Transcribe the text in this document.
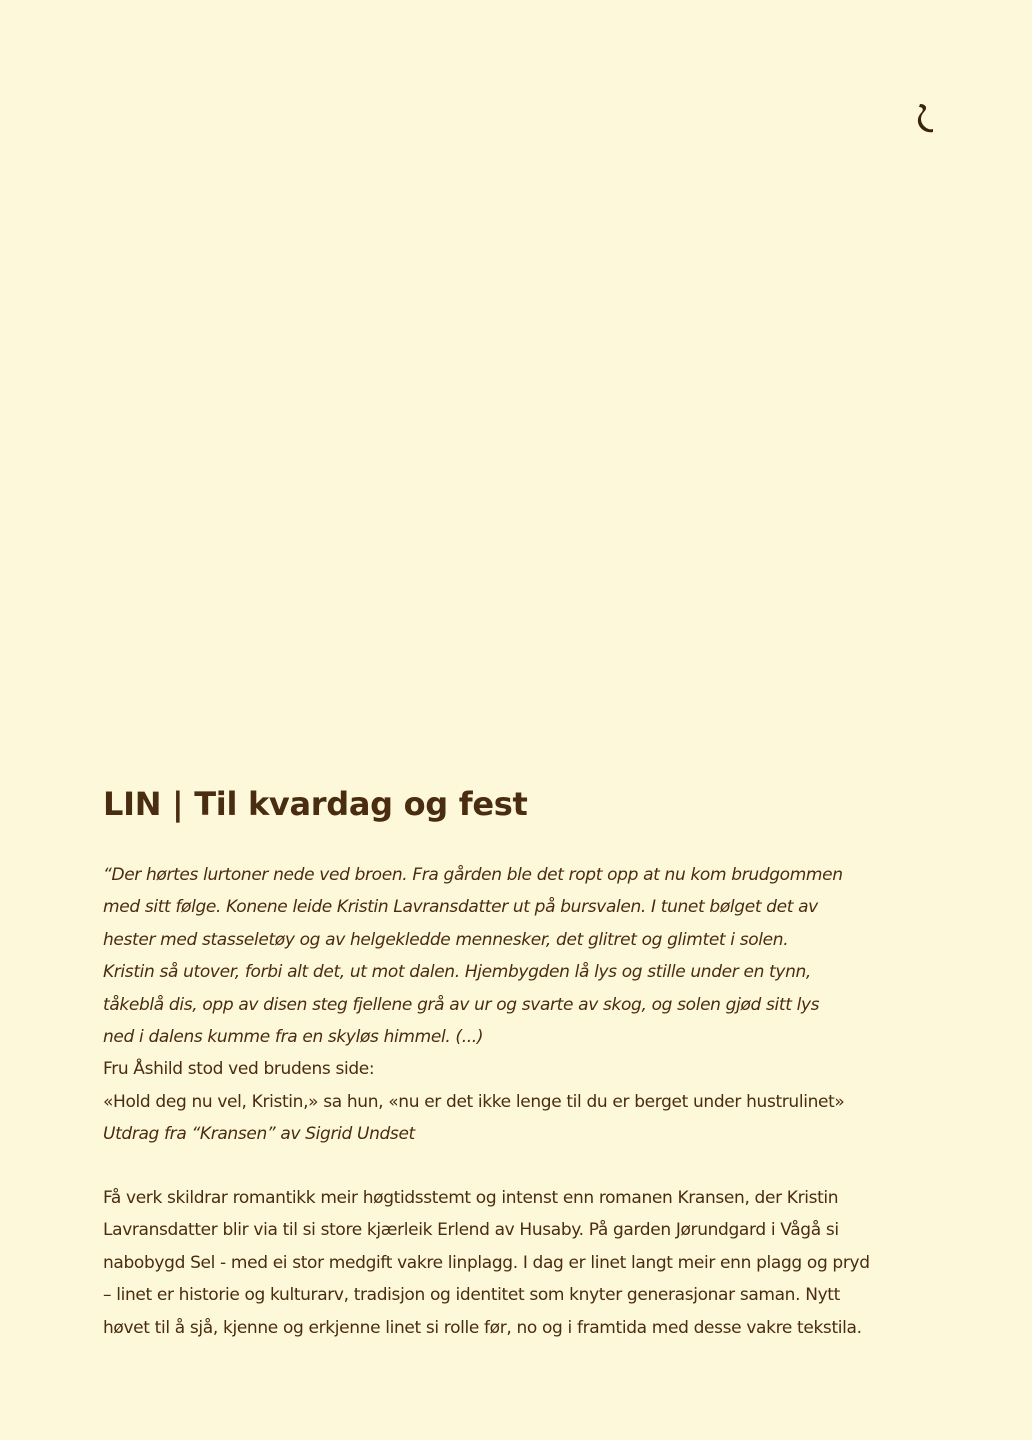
LIN | Til kvardag og fest
“Der hørtes lurtoner nede ved broen. Fra gården ble det ropt opp at nu kom brudgommen
med sitt følge. Konene leide Kristin Lavransdatter ut på bursvalen. I tunet bølget det av
hester med stasseletøy og av helgekledde mennesker, det glitret og glimtet i solen.
Kristin så utover, forbi alt det, ut mot dalen. Hjembygden lå lys og stille under en tynn,
tåkeblå dis, opp av disen steg fjellene grå av ur og svarte av skog, og solen gjød sitt lys
ned i dalens kumme fra en skyløs himmel. (...)
Fru Åshild stod ved brudens side:
«Hold deg nu vel, Kristin,» sa hun, «nu er det ikke lenge til du er berget under hustrulinet»
Utdrag fra “Kransen” av Sigrid Undset
Få verk skildrar romantikk meir høgtidsstemt og intenst enn romanen Kransen, der Kristin
Lavransdatter blir via til si store kjærleik Erlend av Husaby. På garden Jørundgard i Vågå si
nabobygd Sel - med ei stor medgift vakre linplagg. I dag er linet langt meir enn plagg og pryd
– linet er historie og kulturarv, tradisjon og identitet som knyter generasjonar saman. Nytt
høvet til å sjå, kjenne og erkjenne linet si rolle før, no og i framtida med desse vakre tekstila.
